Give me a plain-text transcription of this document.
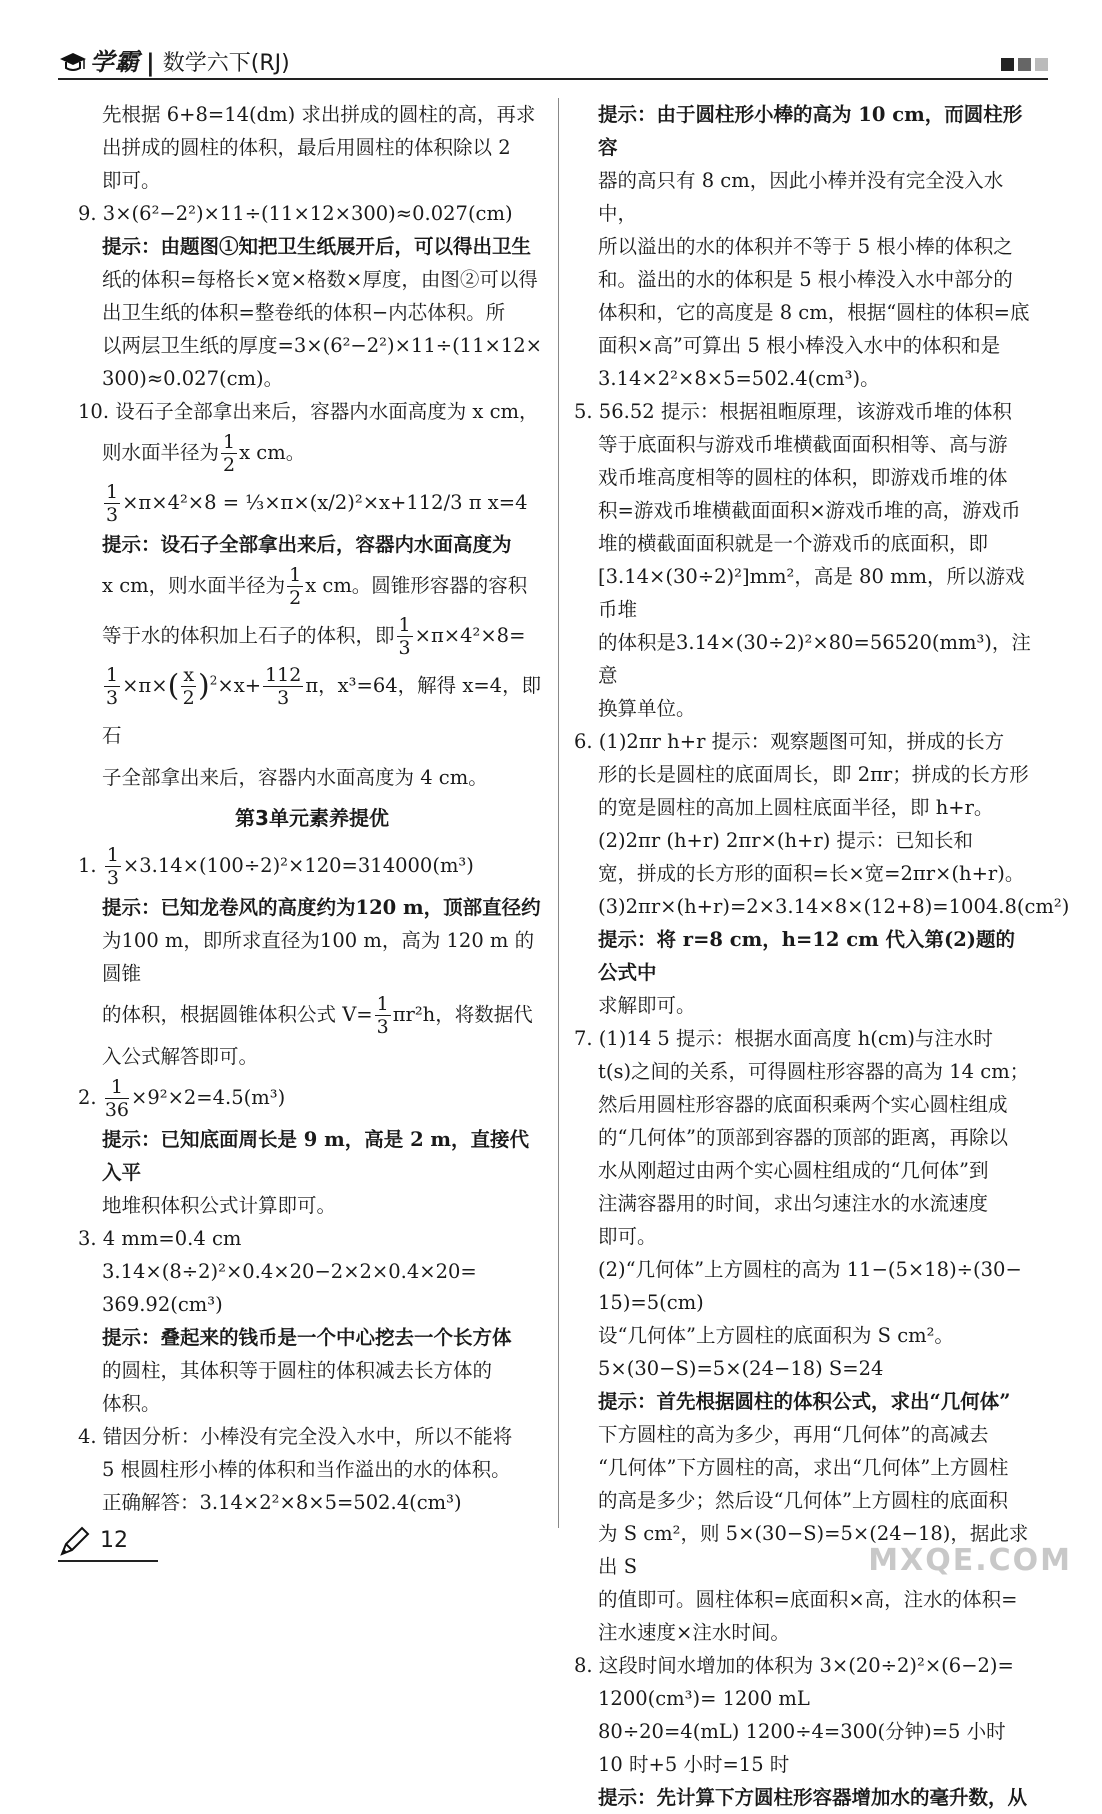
学霸 | 数学六下(RJ)

先根据 6+8=14(dm) 求出拼成的圆柱的高，再求

出拼成的圆柱的体积，最后用圆柱的体积除以 2

即可。

9. 3×(6²−2²)×11÷(11×12×300)≈0.027(cm)

提示：由题图①知把卫生纸展开后，可以得出卫生

纸的体积=每格长×宽×格数×厚度，由图②可以得

出卫生纸的体积=整卷纸的体积−内芯体积。所

以两层卫生纸的厚度=3×(6²−2²)×11÷(11×12×

300)≈0.027(cm)。

10. 设石子全部拿出来后，容器内水面高度为 x cm，

则水面半径为 $\frac{1}{2}$ x cm。

$\frac{1}{3} \times\pi\times 4^2\times 8$ = ⅓×π×(x/2)²×x+112/3 π x=4

提示：设石子全部拿出来后，容器内水面高度为

x cm，则水面半径为 $\frac{1}{2}$ x cm。圆锥形容器的容积

等于水的体积加上石子的体积，即 $\frac{1}{3} \times\pi\times 4^2\times 8=$

$\frac{1}{3} \times\pi\times( \frac{x}{2} )^2\times x+ \frac{112}{3}$ π，x³=64，解得 x=4，即石

子全部拿出来后，容器内水面高度为 4 cm。

第3单元素养提优

1. $\frac{1}{3} \times 3.14\times(100\div 2)^2\times 120=314000(m^3)$

提示：已知龙卷风的高度约为120 m，顶部直径约

为100 m，即所求直径为100 m，高为 120 m 的圆锥

的体积，根据圆锥体积公式 $V= \frac{1}{3} \pi r^2h$，将数据代

入公式解答即可。

2. $\frac{1}{36} \times 9^2\times 2=4.5(m^3)$

提示：已知底面周长是 9 m，高是 2 m，直接代入平

地堆积体积公式计算即可。

3. 4 mm=0.4 cm

3.14×(8÷2)²×0.4×20−2×2×0.4×20=

369.92(cm³)

提示：叠起来的钱币是一个中心挖去一个长方体

的圆柱，其体积等于圆柱的体积减去长方体的

体积。

4. 错因分析：小棒没有完全没入水中，所以不能将

5 根圆柱形小棒的体积和当作溢出的水的体积。

正确解答：3.14×2²×8×5=502.4(cm³)

提示：由于圆柱形小棒的高为 10 cm，而圆柱形容

器的高只有 8 cm，因此小棒并没有完全没入水中，

所以溢出的水的体积并不等于 5 根小棒的体积之

和。溢出的水的体积是 5 根小棒没入水中部分的

体积和，它的高度是 8 cm，根据“圆柱的体积=底

面积×高”可算出 5 根小棒没入水中的体积和是

3.14×2²×8×5=502.4(cm³)。

5. 56.52 提示：根据祖暅原理，该游戏币堆的体积

等于底面积与游戏币堆横截面面积相等、高与游

戏币堆高度相等的圆柱的体积，即游戏币堆的体

积=游戏币堆横截面面积×游戏币堆的高，游戏币

堆的横截面面积就是一个游戏币的底面积，即

[3.14×(30÷2)²]mm²，高是 80 mm，所以游戏币堆

的体积是3.14×(30÷2)²×80=56520(mm³)，注意

换算单位。

6. (1)2πr h+r 提示：观察题图可知，拼成的长方

形的长是圆柱的底面周长，即 2πr；拼成的长方形

的宽是圆柱的高加上圆柱底面半径，即 h+r。

(2)2πr (h+r) 2πr×(h+r) 提示：已知长和

宽，拼成的长方形的面积=长×宽=2πr×(h+r)。

(3)2πr×(h+r)=2×3.14×8×(12+8)=1004.8(cm²)

提示：将 r=8 cm，h=12 cm 代入第(2)题的公式中

求解即可。

7. (1)14 5 提示：根据水面高度 h(cm)与注水时

t(s)之间的关系，可得圆柱形容器的高为 14 cm；

然后用圆柱形容器的底面积乘两个实心圆柱组成

的“几何体”的顶部到容器的顶部的距离，再除以

水从刚超过由两个实心圆柱组成的“几何体”到

注满容器用的时间，求出匀速注水的水流速度

即可。

(2)“几何体”上方圆柱的高为 11−(5×18)÷(30−

15)=5(cm)

设“几何体”上方圆柱的底面积为 S cm²。

5×(30−S)=5×(24−18) S=24

提示：首先根据圆柱的体积公式，求出“几何体”

下方圆柱的高为多少，再用“几何体”的高减去

“几何体”下方圆柱的高，求出“几何体”上方圆柱

的高是多少；然后设“几何体”上方圆柱的底面积

为 S cm²，则 5×(30−S)=5×(24−18)，据此求出 S

的值即可。圆柱体积=底面积×高，注水的体积=

注水速度×注水时间。

8. 这段时间水增加的体积为 3×(20÷2)²×(6−2)=

1200(cm³)= 1200 mL

80÷20=4(mL) 1200÷4=300(分钟)=5 小时

10 时+5 小时=15 时

提示：先计算下方圆柱形容器增加水的毫升数，从

12
MXQE.COM
